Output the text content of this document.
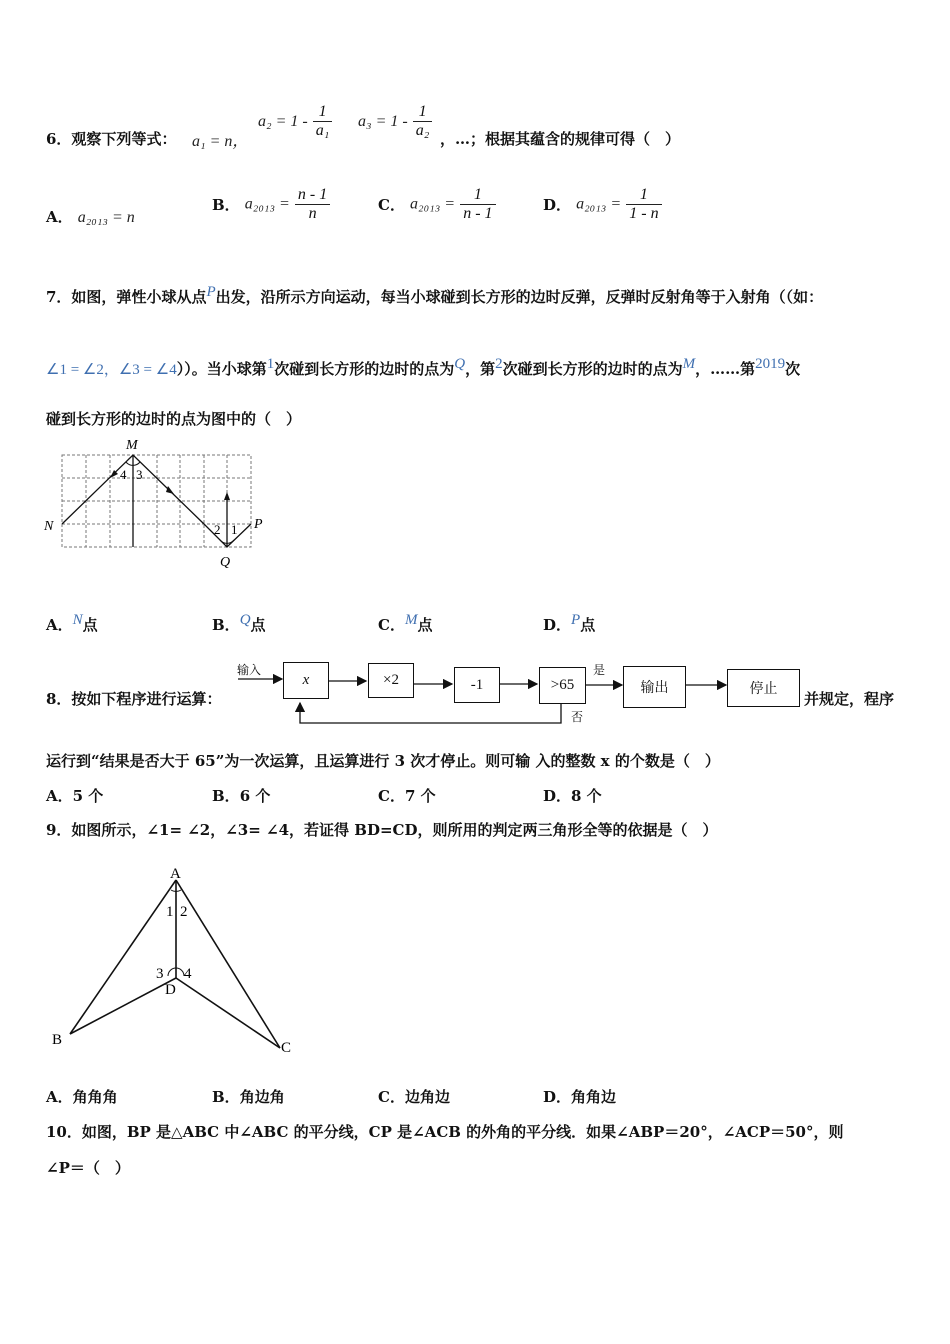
6．观察下列等式： a₁ = n，
$a_2 = 1 - \frac{1}{\text{a₁}} a_3 = 1 - \frac{1}{\text{a₂}}$ ，…；根据其蕴含的规律可得（　）
A． a₂₀₁₃ = n
B． $a_{2013} = \frac{n - 1}{n}$	C． $a_{2013} = \frac{1}{n - 1}$	D． $a_{2013} = \frac{1}{1 - n}$
7．如图，弹性小球从点P出发，沿所示方向运动，每当小球碰到长方形的边时反弹，反弹时反射角等于入射角（（如：
∠1 = ∠2，∠3 = ∠4））。当小球第1次碰到长方形的边时的点为Q，第2次碰到长方形的边时的点为M，……第2019次
碰到长方形的边时的点为图中的（　）
M
N	P
Q
4 3
2 1
A．N点	B．Q点	C．M点	D．P点
8．按如下程序进行运算：
输入
x	×2	-1	>65
是
否
输出	停止
并规定，程序
运行到“结果是否大于 65”为一次运算，且运算进行 3 次才停止。则可输 入的整数 x 的个数是（　）
A．5 个	B．6 个	C．7 个	D．8 个
9．如图所示，∠1= ∠2，∠3= ∠4，若证得 BD=CD，则所用的判定两三角形全等的依据是（　）
A
B	C
D
1 2
3 4
A．角角角	B．角边角	C．边角边	D．角角边
10．如图，BP 是△ABC 中∠ABC 的平分线，CP 是∠ACB 的外角的平分线．如果∠ABP＝20°，∠ACP＝50°，则
∠P＝（　）
